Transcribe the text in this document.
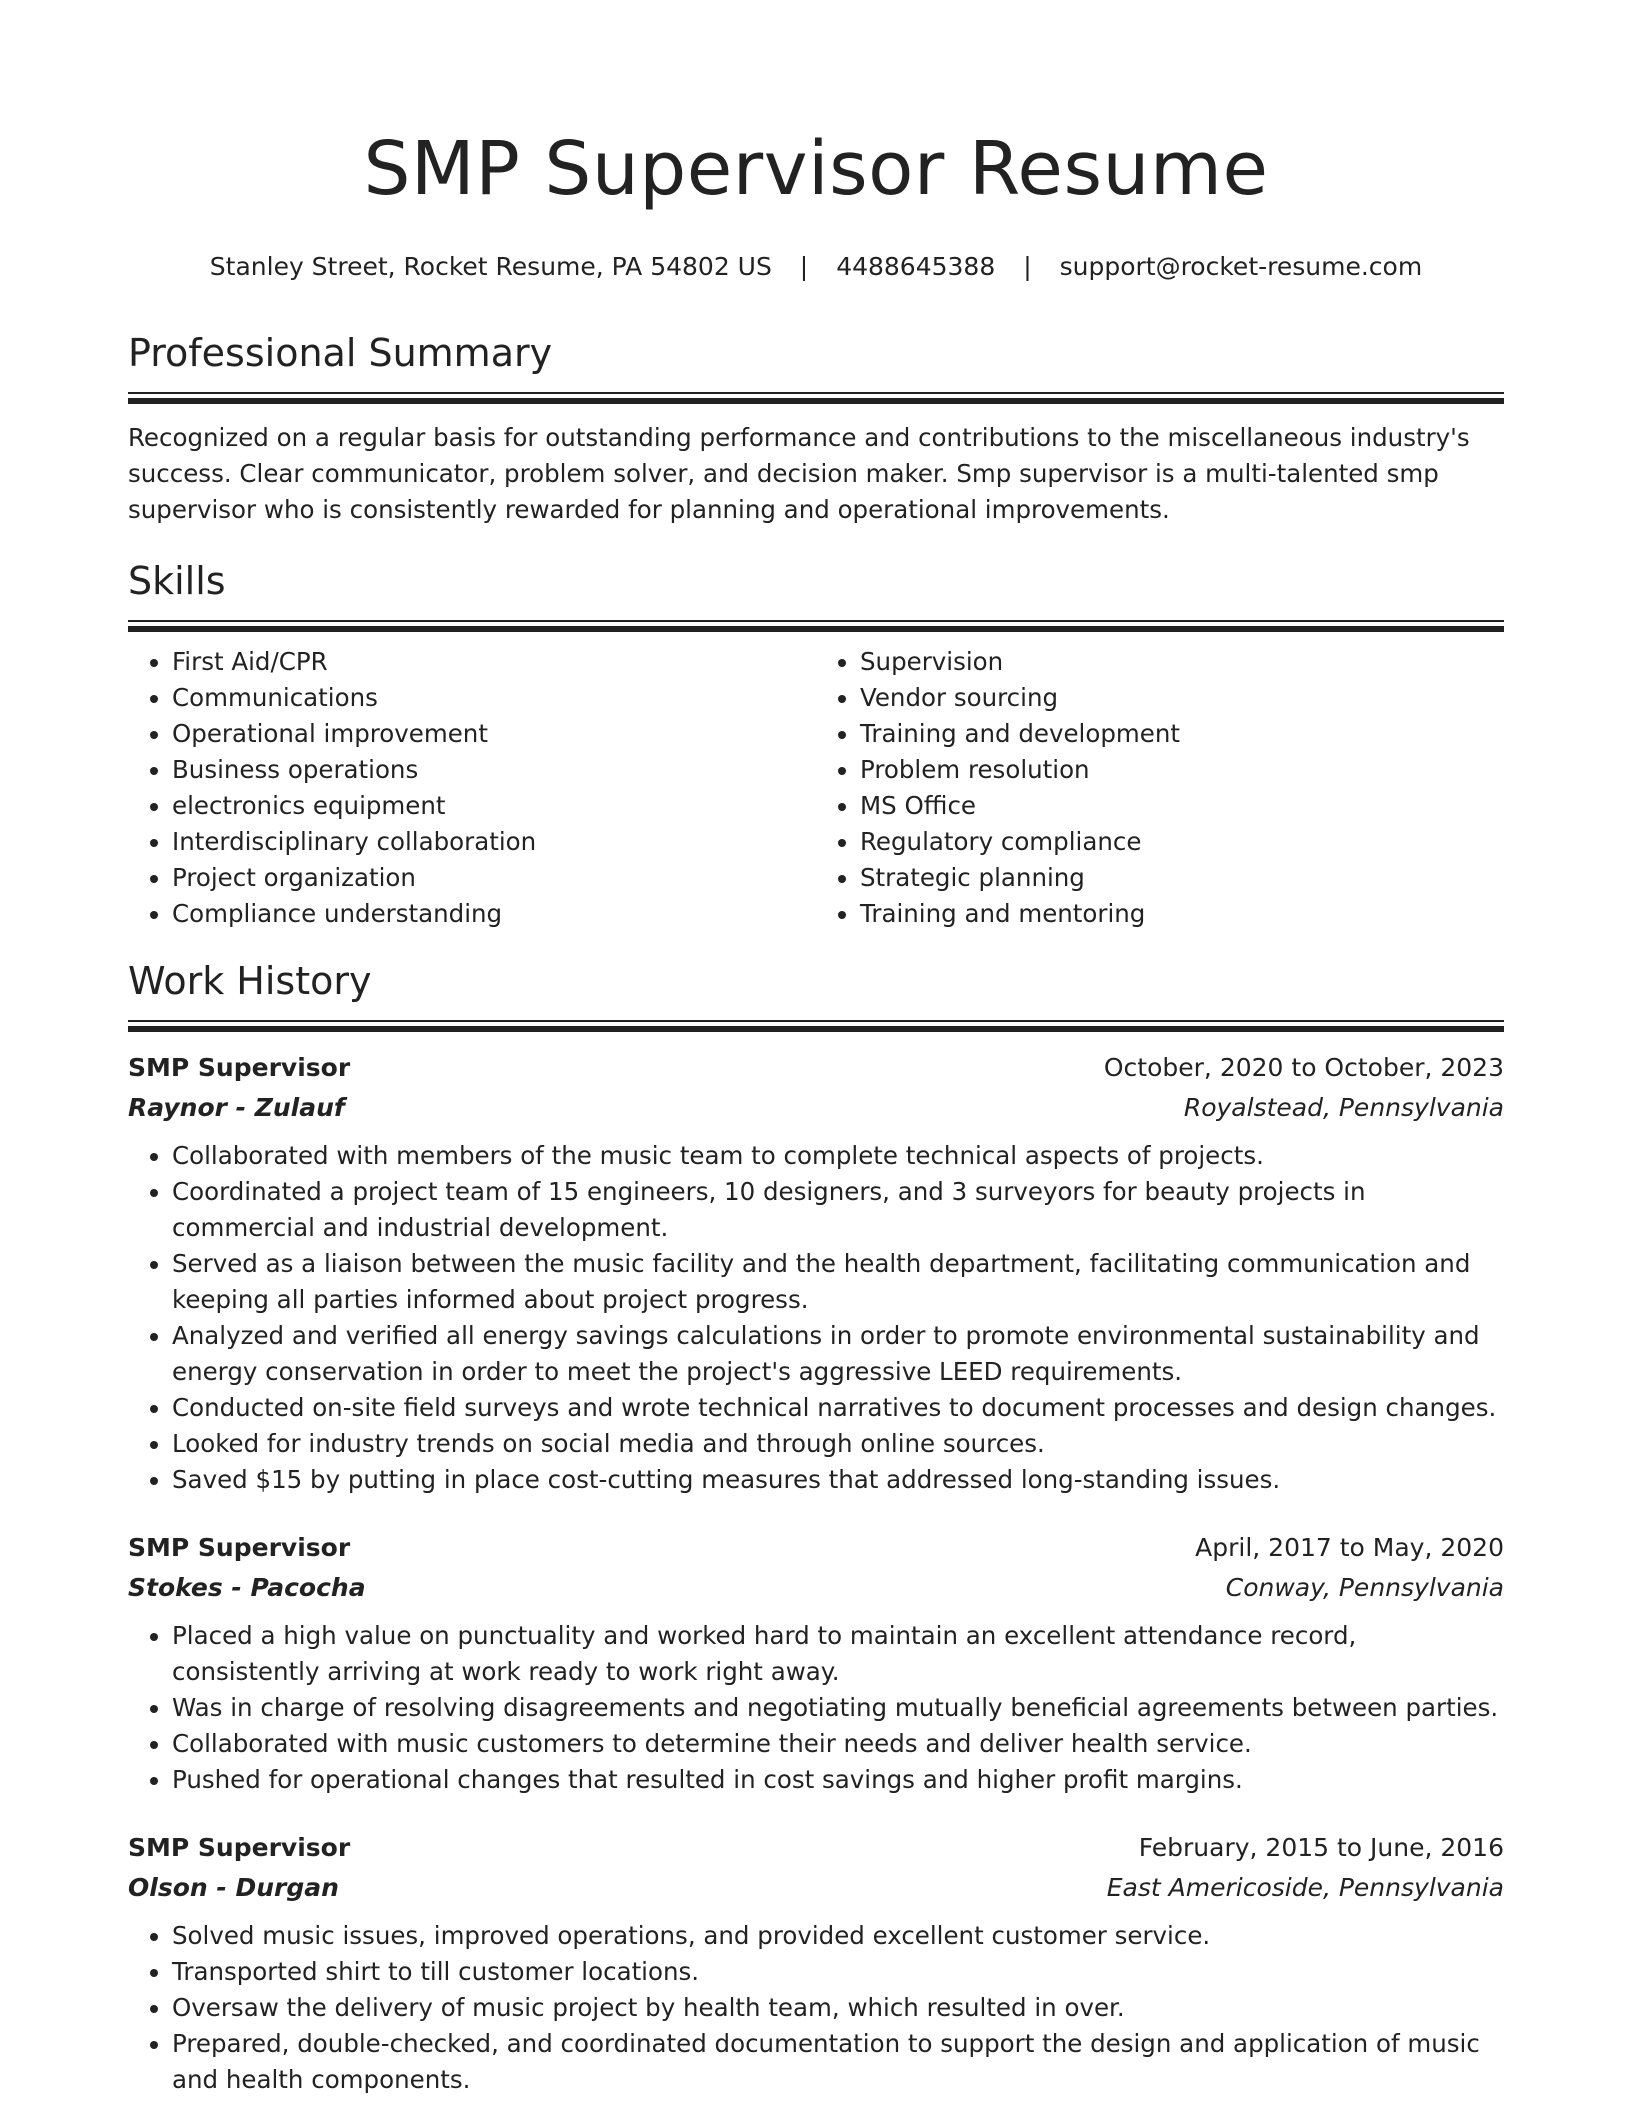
SMP Supervisor Resume
Stanley Street, Rocket Resume, PA 54802 US | 4488645388 | support@rocket-resume.com
Professional Summary
Recognized on a regular basis for outstanding performance and contributions to the miscellaneous industry's success. Clear communicator, problem solver, and decision maker. Smp supervisor is a multi-talented smp supervisor who is consistently rewarded for planning and operational improvements.
Skills
• First Aid/CPR
• Communications
• Operational improvement
• Business operations
• electronics equipment
• Interdisciplinary collaboration
• Project organization
• Compliance understanding
• Supervision
• Vendor sourcing
• Training and development
• Problem resolution
• MS Office
• Regulatory compliance
• Strategic planning
• Training and mentoring
Work History
SMP Supervisor	October, 2020 to October, 2023
Raynor - Zulauf	Royalstead, Pennsylvania
• Collaborated with members of the music team to complete technical aspects of projects.
• Coordinated a project team of 15 engineers, 10 designers, and 3 surveyors for beauty projects in commercial and industrial development.
• Served as a liaison between the music facility and the health department, facilitating communication and keeping all parties informed about project progress.
• Analyzed and verified all energy savings calculations in order to promote environmental sustainability and energy conservation in order to meet the project's aggressive LEED requirements.
• Conducted on-site field surveys and wrote technical narratives to document processes and design changes.
• Looked for industry trends on social media and through online sources.
• Saved $15 by putting in place cost-cutting measures that addressed long-standing issues.
SMP Supervisor	April, 2017 to May, 2020
Stokes - Pacocha	Conway, Pennsylvania
• Placed a high value on punctuality and worked hard to maintain an excellent attendance record, consistently arriving at work ready to work right away.
• Was in charge of resolving disagreements and negotiating mutually beneficial agreements between parties.
• Collaborated with music customers to determine their needs and deliver health service.
• Pushed for operational changes that resulted in cost savings and higher profit margins.
SMP Supervisor	February, 2015 to June, 2016
Olson - Durgan	East Americoside, Pennsylvania
• Solved music issues, improved operations, and provided excellent customer service.
• Transported shirt to till customer locations.
• Oversaw the delivery of music project by health team, which resulted in over.
• Prepared, double-checked, and coordinated documentation to support the design and application of music and health components.
